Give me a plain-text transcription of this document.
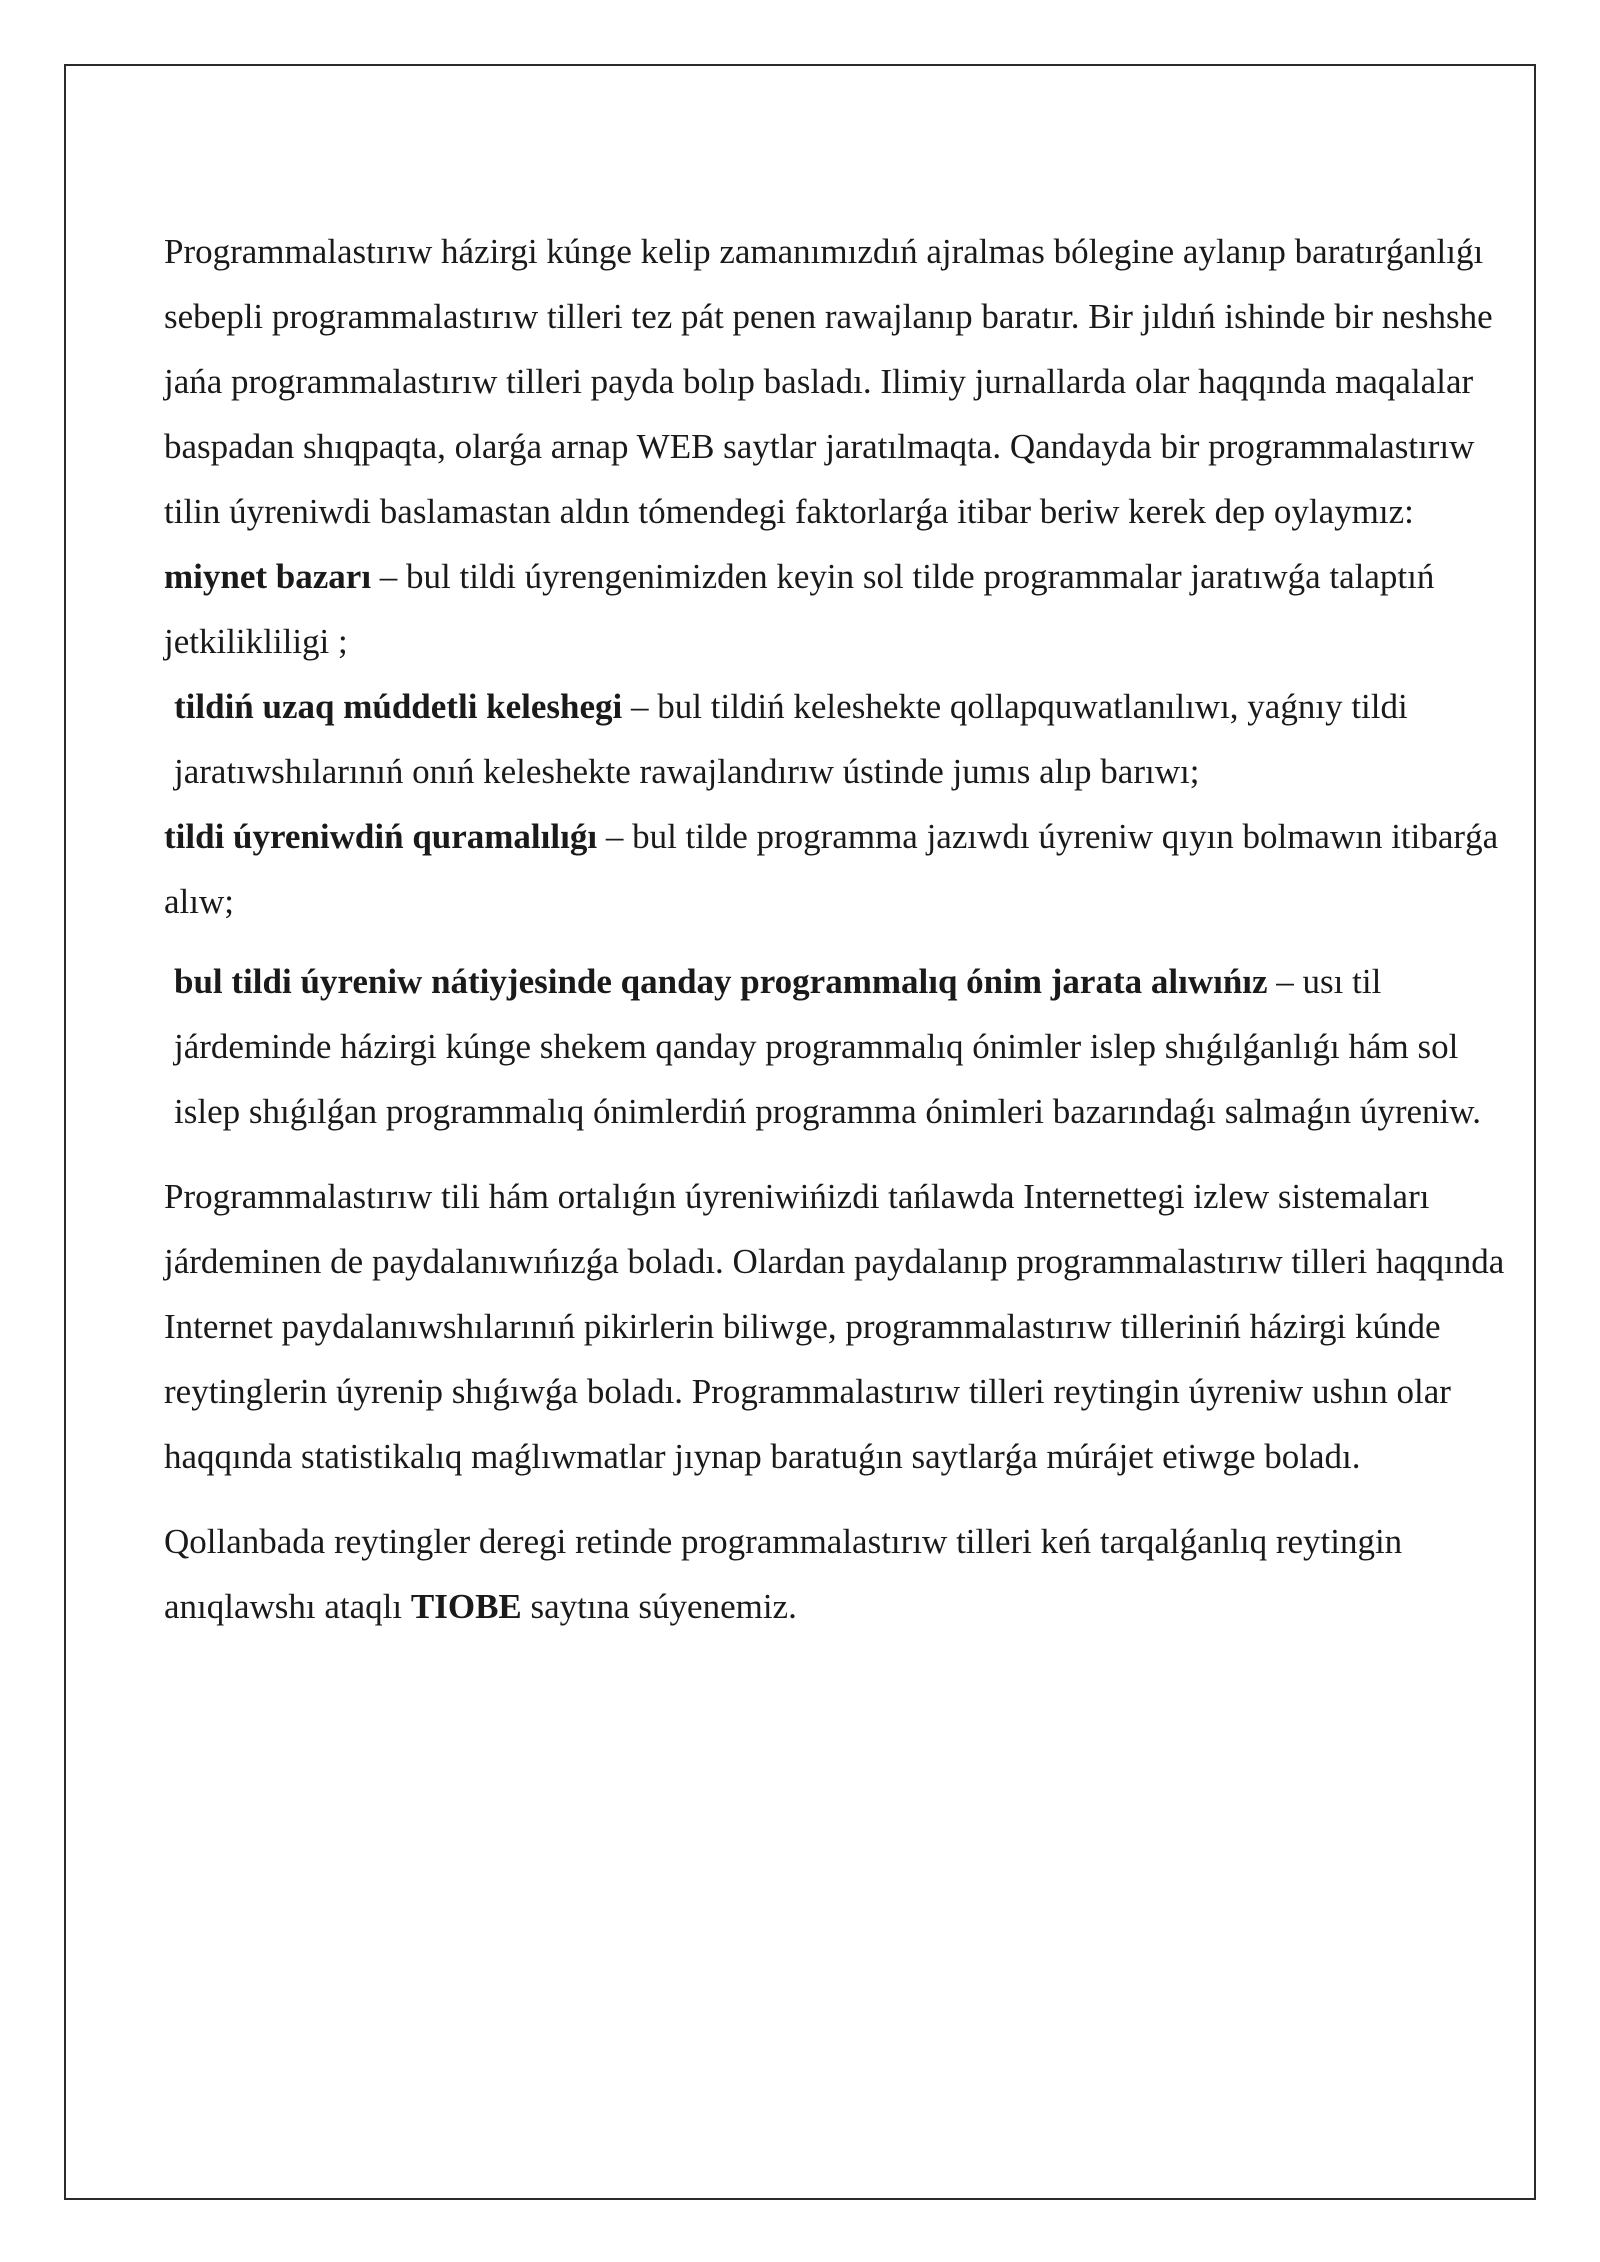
Programmalastırıw házirgi kúnge kelip zamanımızdıń ajralmas bólegine aylanıp baratırǵanlıǵı sebepli programmalastırıw tilleri tez pát penen rawajlanıp baratır. Bir jıldıń ishinde bir neshshe jańa programmalastırıw tilleri payda bolıp basladı. Ilimiy jurnallarda olar haqqında maqalalar baspadan shıqpaqta, olarǵa arnap WEB saytlar jaratılmaqta. Qandayda bir programmalastırıw tilin úyreniwdi baslamastan aldın tómendegi faktorlarǵa itibar beriw kerek dep oylaymız:

miynet bazarı – bul tildi úyrengenimizden keyin sol tilde programmalar jaratıwǵa talaptıń jetkilikliligi ;

tildiń uzaq múddetli keleshegi – bul tildiń keleshekte qollapquwatlanılıwı, yaǵnıy tildi jaratıwshılarınıń onıń keleshekte rawajlandırıw ústinde jumıs alıp barıwı;

tildi úyreniwdiń quramalılıǵı – bul tilde programma jazıwdı úyreniw qıyın bolmawın itibarǵa alıw;

bul tildi úyreniw nátiyjesinde qanday programmalıq ónim jarata alıwıńız – usı til járdeminde házirgi kúnge shekem qanday programmalıq ónimler islep shıǵılǵanlıǵı hám sol islep shıǵılǵan programmalıq ónimlerdiń programma ónimleri bazarındaǵı salmaǵın úyreniw.

Programmalastırıw tili hám ortalıǵın úyreniwińizdi tańlawda Internettegi izlew sistemaları járdeminen de paydalanıwıńızǵa boladı. Olardan paydalanıp programmalastırıw tilleri haqqında Internet paydalanıwshılarınıń pikirlerin biliwge, programmalastırıw tilleriniń házirgi kúnde reytinglerin úyrenip shıǵıwǵa boladı. Programmalastırıw tilleri reytingin úyreniw ushın olar haqqında statistikalıq maǵlıwmatlar jıynap baratuǵın saytlarǵa múrájet etiwge boladı.

Qollanbada reytingler deregi retinde programmalastırıw tilleri keń tarqalǵanlıq reytingin anıqlawshı ataqlı TIOBE saytına súyenemiz.
